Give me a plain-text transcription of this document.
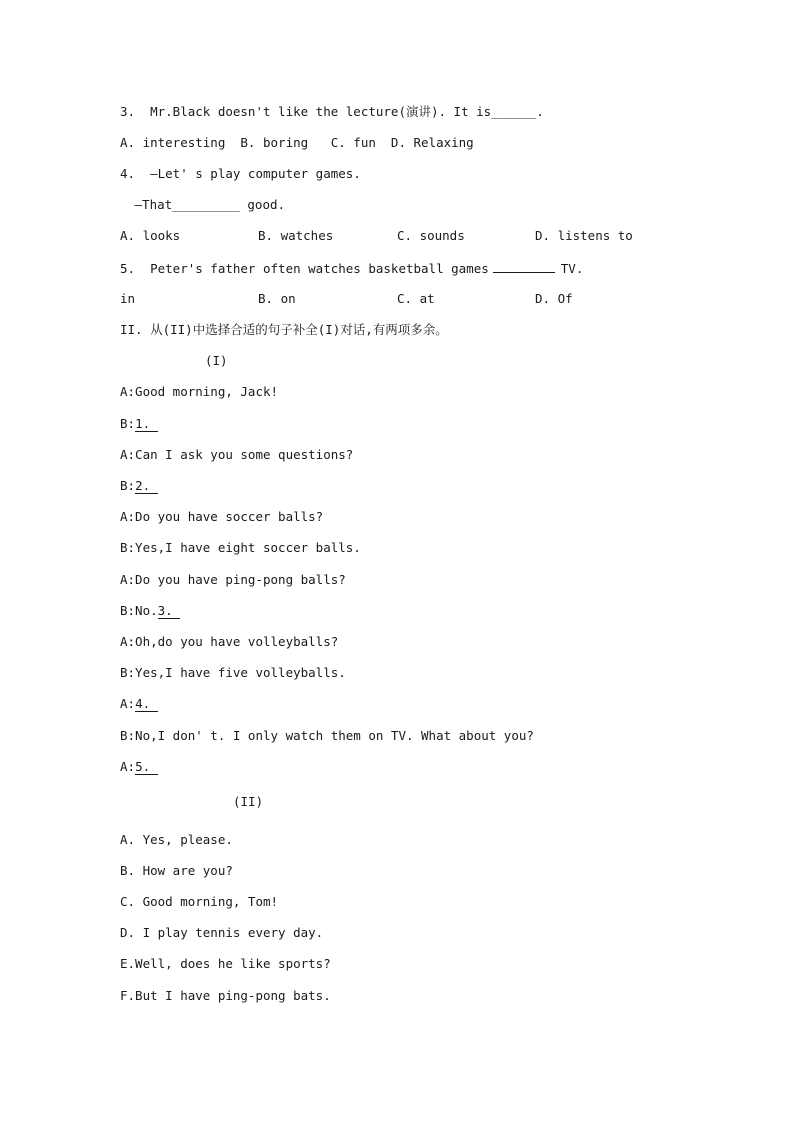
3.  Mr.Black doesn't like the lecture(演讲). It is______.
A. interesting  B. boring   C. fun  D. Relaxing
4.  —Let' s play computer games.
—That_________ good.
A. looks	B. watches	C. sounds	D. listens to
5.  Peter's father often watches basketball games	TV.
in	B. on	C. at	D. Of
II. 从(II)中选择合适的句子补全(I)对话,有两项多余。
(I)
A:Good morning, Jack!
B:1.
A:Can I ask you some questions?
B:2.
A:Do you have soccer balls?
B:Yes,I have eight soccer balls.
A:Do you have ping-pong balls?
B:No.3.
A:Oh,do you have volleyballs?
B:Yes,I have five volleyballs.
A:4.
B:No,I don' t. I only watch them on TV. What about you?
A:5.
(II)
A. Yes, please.
B. How are you?
C. Good morning, Tom!
D. I play tennis every day.
E.Well, does he like sports?
F.But I have ping-pong bats.
